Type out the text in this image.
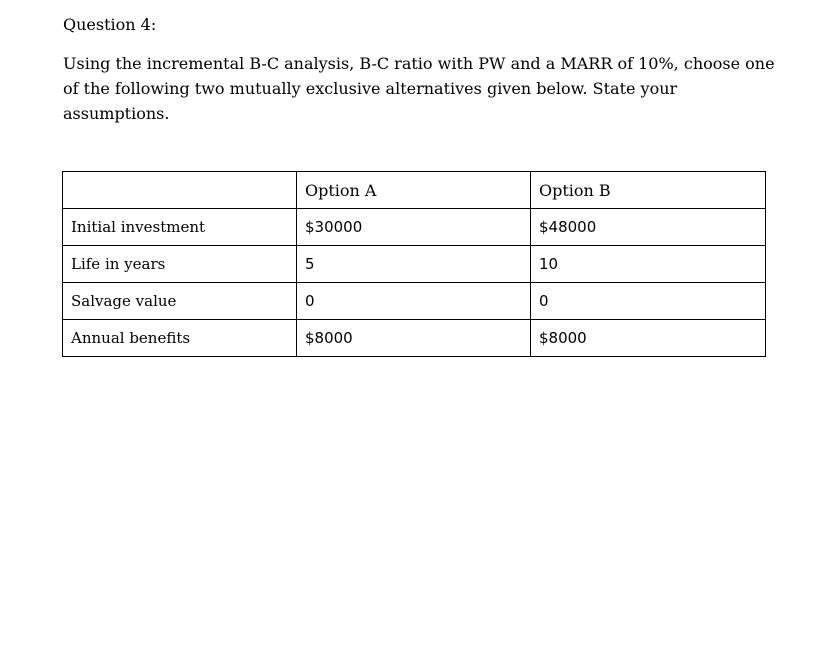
Question 4:
Using the incremental B-C analysis, B-C ratio with PW and a MARR of 10%, choose one
of the following two mutually exclusive alternatives given below. State your
assumptions.
	Option A	Option B
Initial investment	$30000	$48000
Life in years	5	10
Salvage value	0	0
Annual benefits	$8000	$8000
